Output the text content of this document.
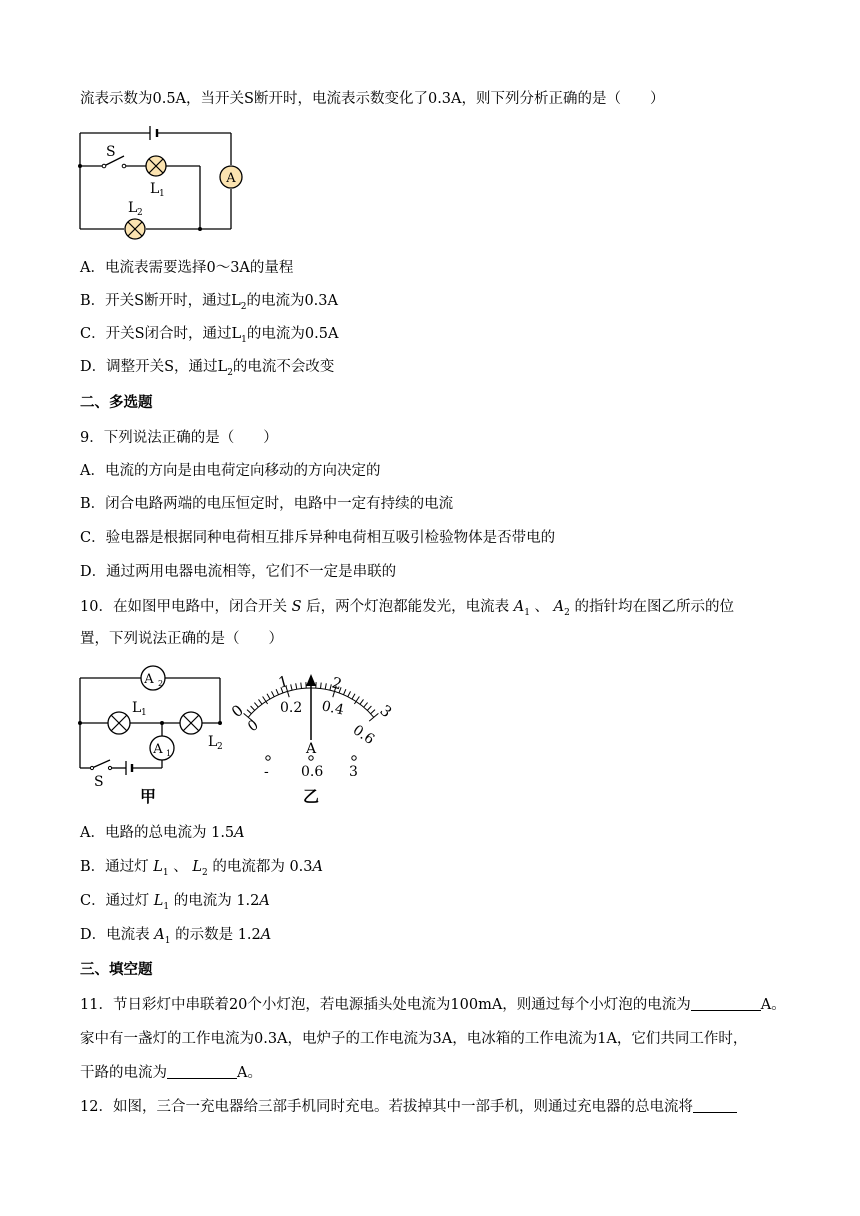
流表示数为0.5A，当开关S断开时，电流表示数变化了0.3A，则下列分析正确的是（　　）
A
S
L 1
L 2
A．电流表需要选择0～3A的量程
B．开关S断开时，通过$L_2$的电流为0.3A
C．开关S闭合时，通过$L_1$的电流为0.5A
D．调整开关S，通过$L_2$的电流不会改变
二、多选题
9．下列说法正确的是（　　）
A．电流的方向是由电荷定向移动的方向决定的
B．闭合电路两端的电压恒定时，电路中一定有持续的电流
C．验电器是根据同种电荷相互排斥异种电荷相互吸引检验物体是否带电的
D．通过两用电器电流相等，它们不一定是串联的
10．在如图甲电路中，闭合开关 S 后，两个灯泡都能发光，电流表 $A_1$ 、 $A_2$ 的指针均在图乙所示的位
置，下列说法正确的是（　　）
A 2
A 1
L 1
L 2
S
甲
0
1	2
3
0
0.2 0.4
0.6
A
- 0.6 3
乙
A．电路的总电流为 1.5A
B．通过灯 $L_1$ 、 $L_2$ 的电流都为 0.3A
C．通过灯 $L_1$ 的电流为 1.2A
D．电流表 $A_1$ 的示数是 1.2A
三、填空题
11．节日彩灯中串联着20个小灯泡，若电源插头处电流为100mA，则通过每个小灯泡的电流为	A。
家中有一盏灯的工作电流为0.3A，电炉子的工作电流为3A，电冰箱的工作电流为1A，它们共同工作时，
干路的电流为	A。
12．如图，三合一充电器给三部手机同时充电。若拔掉其中一部手机，则通过充电器的总电流将
